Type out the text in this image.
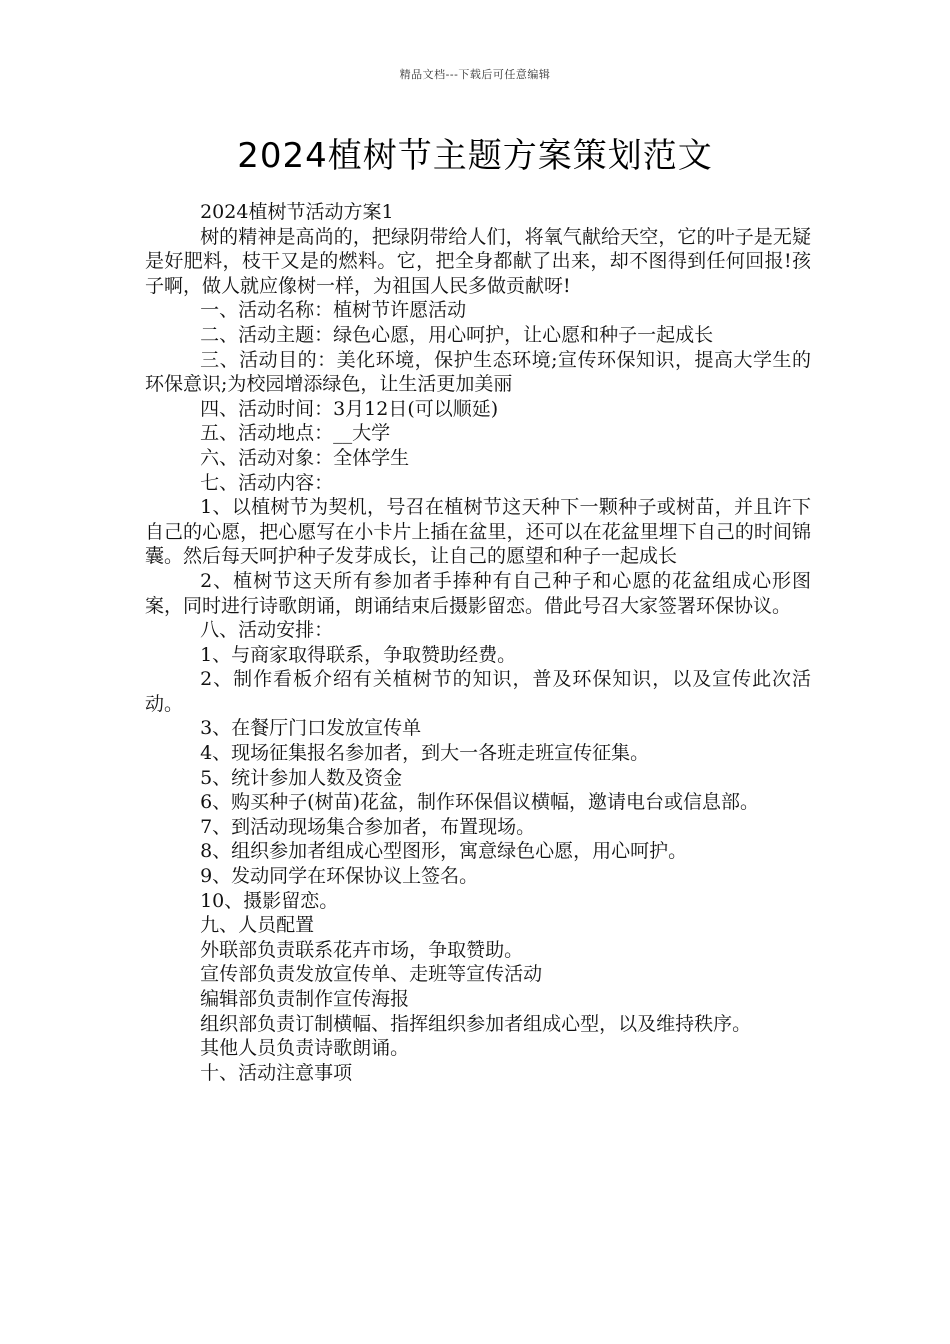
精品文档---下载后可任意编辑
2024植树节主题方案策划范文

2024植树节活动方案1

树的精神是高尚的，把绿阴带给人们，将氧气献给天空，它的叶子是无疑是好肥料，枝干又是的燃料。它，把全身都献了出来，却不图得到任何回报!孩子啊，做人就应像树一样，为祖国人民多做贡献呀!

一、活动名称：植树节许愿活动

二、活动主题：绿色心愿，用心呵护，让心愿和种子一起成长

三、活动目的：美化环境，保护生态环境;宣传环保知识，提高大学生的环保意识;为校园增添绿色，让生活更加美丽

四、活动时间：3月12日(可以顺延)

五、活动地点：__大学

六、活动对象：全体学生

七、活动内容：

1、以植树节为契机，号召在植树节这天种下一颗种子或树苗，并且许下自己的心愿，把心愿写在小卡片上插在盆里，还可以在花盆里埋下自己的时间锦囊。然后每天呵护种子发芽成长，让自己的愿望和种子一起成长

2、植树节这天所有参加者手捧种有自己种子和心愿的花盆组成心形图案，同时进行诗歌朗诵，朗诵结束后摄影留恋。借此号召大家签署环保协议。

八、活动安排：

1、与商家取得联系，争取赞助经费。

2、制作看板介绍有关植树节的知识，普及环保知识，以及宣传此次活动。

3、在餐厅门口发放宣传单

4、现场征集报名参加者，到大一各班走班宣传征集。

5、统计参加人数及资金

6、购买种子(树苗)花盆，制作环保倡议横幅，邀请电台或信息部。

7、到活动现场集合参加者，布置现场。

8、组织参加者组成心型图形，寓意绿色心愿，用心呵护。

9、发动同学在环保协议上签名。

10、摄影留恋。

九、人员配置

外联部负责联系花卉市场，争取赞助。

宣传部负责发放宣传单、走班等宣传活动

编辑部负责制作宣传海报

组织部负责订制横幅、指挥组织参加者组成心型，以及维持秩序。

其他人员负责诗歌朗诵。

十、活动注意事项
